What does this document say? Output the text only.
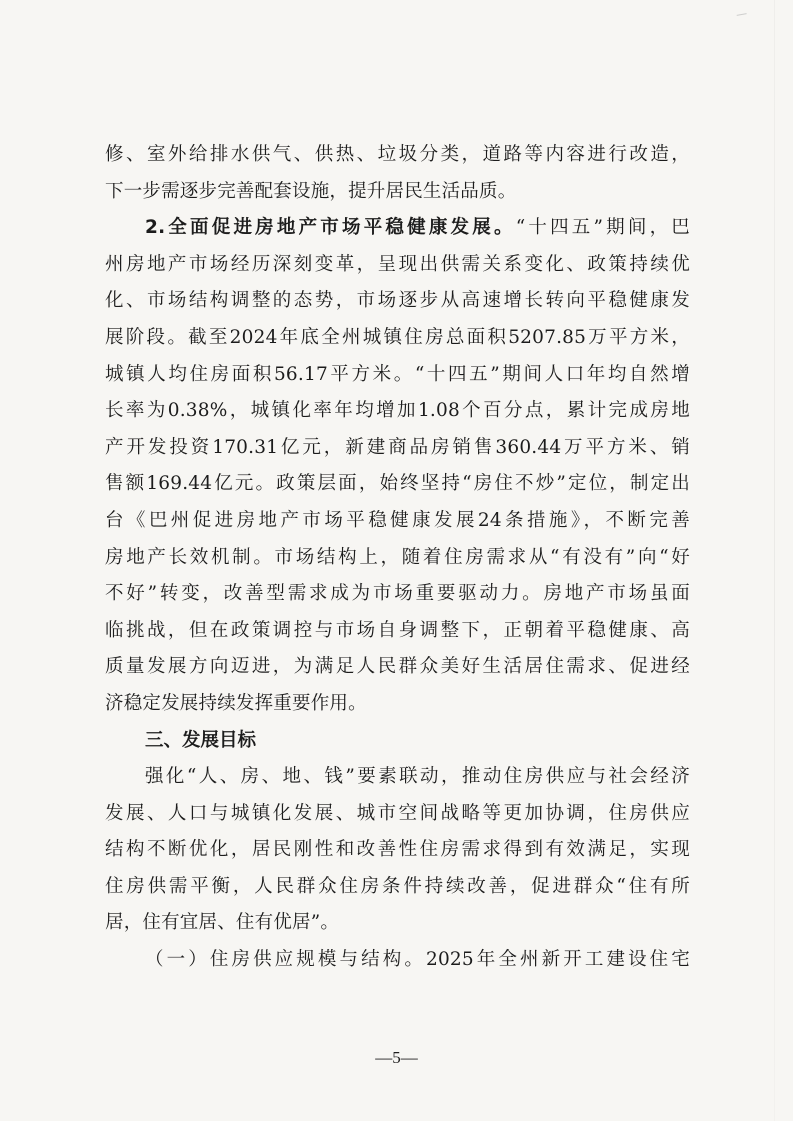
修、室外给排水供气、供热、垃圾分类，道路等内容进行改造，
下一步需逐步完善配套设施，提升居民生活品质。
2.全面促进房地产市场平稳健康发展。“十四五”期间，巴
州房地产市场经历深刻变革，呈现出供需关系变化、政策持续优
化、市场结构调整的态势，市场逐步从高速增长转向平稳健康发
展阶段。截至2024年底全州城镇住房总面积5207.85万平方米，
城镇人均住房面积56.17平方米。“十四五”期间人口年均自然增
长率为0.38%，城镇化率年均增加1.08个百分点，累计完成房地
产开发投资170.31亿元，新建商品房销售360.44万平方米、销
售额169.44亿元。政策层面，始终坚持“房住不炒”定位，制定出
台《巴州促进房地产市场平稳健康发展24条措施》，不断完善
房地产长效机制。市场结构上，随着住房需求从“有没有”向“好
不好”转变，改善型需求成为市场重要驱动力。房地产市场虽面
临挑战，但在政策调控与市场自身调整下，正朝着平稳健康、高
质量发展方向迈进，为满足人民群众美好生活居住需求、促进经
济稳定发展持续发挥重要作用。
三、发展目标
强化“人、房、地、钱”要素联动，推动住房供应与社会经济
发展、人口与城镇化发展、城市空间战略等更加协调，住房供应
结构不断优化，居民刚性和改善性住房需求得到有效满足，实现
住房供需平衡，人民群众住房条件持续改善，促进群众“住有所
居，住有宜居、住有优居”。
（一）住房供应规模与结构。2025年全州新开工建设住宅
—5—
